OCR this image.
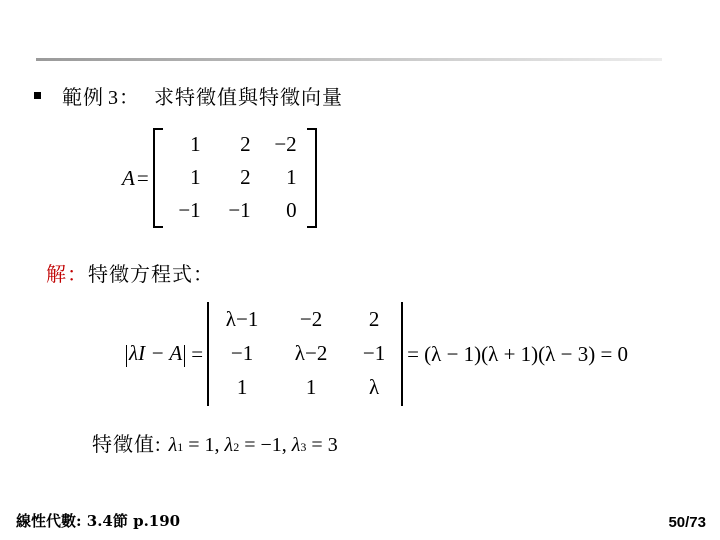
範例 3： 求特徵值與特徵向量
A =
1 2 −2
1 2 1
−1 −1 0
解：特徵方程式：
λI − A =
λ−1 −2 2
−1 λ−2 −1
1	1	λ
= (λ − 1)(λ + 1)(λ − 3) = 0
特徵值 : λ 1 = 1, λ 2 = −1, λ 3 = 3
線性代數: 3.4節 p.190	50/73
